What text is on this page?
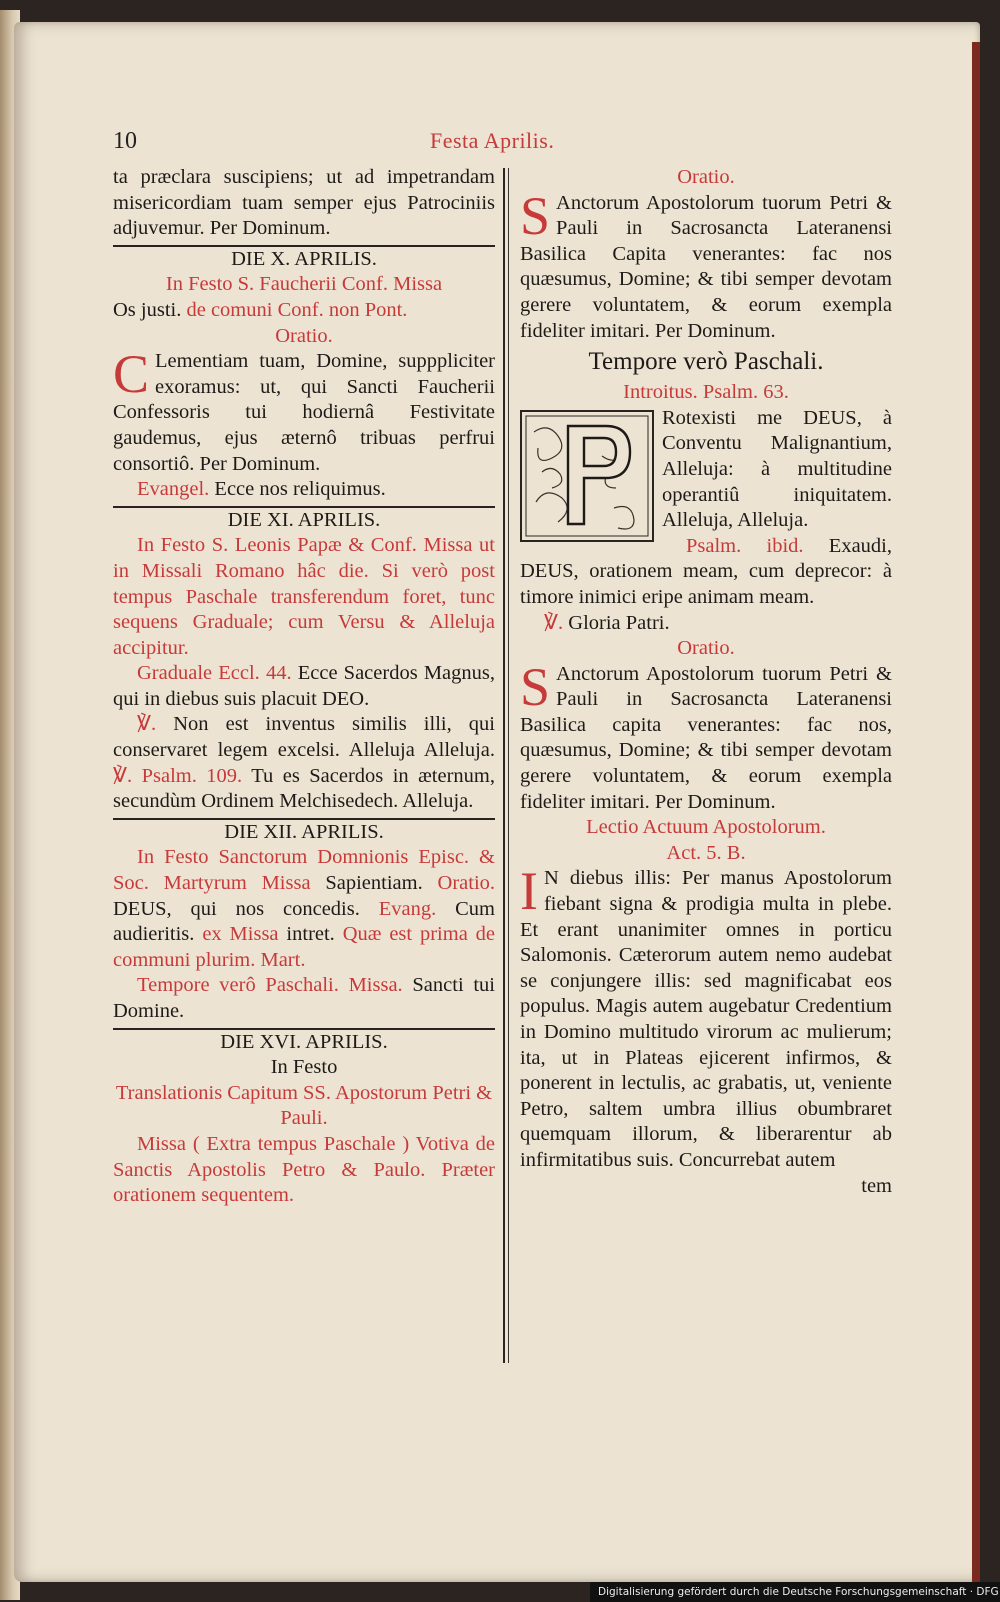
10	Festa Aprilis.

ta præclara suscipiens; ut ad impetrandam misericordiam tuam semper ejus Patrociniis adjuvemur. Per Dominum.

DIE X. APRILIS.

In Festo S. Faucherii Conf. Missa

Os justi. de comuni Conf. non Pont.

Oratio.

C Lementiam tuam, Domine, supppliciter exoramus: ut, qui Sancti Faucherii Confessoris tui hodiernâ Festivitate gaudemus, ejus æternô tribuas perfrui consortiô. Per Dominum.

Evangel. Ecce nos reliquimus.

DIE XI. APRILIS.

In Festo S. Leonis Papæ & Conf. Missa ut in Missali Romano hâc die. Si verò post tempus Paschale transferendum foret, tunc sequens Graduale; cum Versu & Alleluja accipitur.

Graduale Eccl. 44. Ecce Sacerdos Magnus, qui in diebus suis placuit DEO.

℣. Non est inventus similis illi, qui conservaret legem excelsi. Alleluja Alleluja. ℣. Psalm. 109. Tu es Sacerdos in æternum, secundùm Ordinem Melchisedech. Alleluja.

DIE XII. APRILIS.

In Festo Sanctorum Domnionis Episc. & Soc. Martyrum Missa Sapientiam. Oratio. DEUS, qui nos concedis. Evang. Cum audieritis. ex Missa intret. Quæ est prima de communi plurim. Mart.

Tempore verô Paschali. Missa. Sancti tui Domine.

DIE XVI. APRILIS.

In Festo

Translationis Capitum SS. Apostorum Petri & Pauli.

Missa ( Extra tempus Paschale ) Votiva de Sanctis Apostolis Petro & Paulo. Præter orationem sequentem.

Oratio.

S Anctorum Apostolorum tuorum Petri & Pauli in Sacrosancta Lateranensi Basilica Capita venerantes: fac nos quæsumus, Domine; & tibi semper devotam gerere voluntatem, & eorum exempla fideliter imitari. Per Dominum.

Tempore verò Paschali.

Introitus. Psalm. 63.

Rotexisti me DEUS, à Conventu Malignantium, Alleluja: à multitudine operantiû iniquitatem. Alleluja, Alleluja.

Psalm. ibid. Exaudi, DEUS, orationem meam, cum deprecor: à timore inimici eripe animam meam.

℣. Gloria Patri.

Oratio.

S Anctorum Apostolorum tuorum Petri & Pauli in Sacrosancta Lateranensi Basilica capita venerantes: fac nos, quæsumus, Domine; & tibi semper devotam gerere voluntatem, & eorum exempla fideliter imitari. Per Dominum.

Lectio Actuum Apostolorum.

Act. 5. B.

I N diebus illis: Per manus Apostolorum fiebant signa & prodigia multa in plebe. Et erant unanimiter omnes in porticu Salomonis. Cæterorum autem nemo audebat se conjungere illis: sed magnificabat eos populus. Magis autem augebatur Credentium in Domino multitudo virorum ac mulierum; ita, ut in Plateas ejicerent infirmos, & ponerent in lectulis, ac grabatis, ut, veniente Petro, saltem umbra illius obumbraret quemquam illorum, & liberarentur ab infirmitatibus suis. Concurrebat autem

tem

Digitalisierung gefördert durch die Deutsche Forschungsgemeinschaft · DFG
